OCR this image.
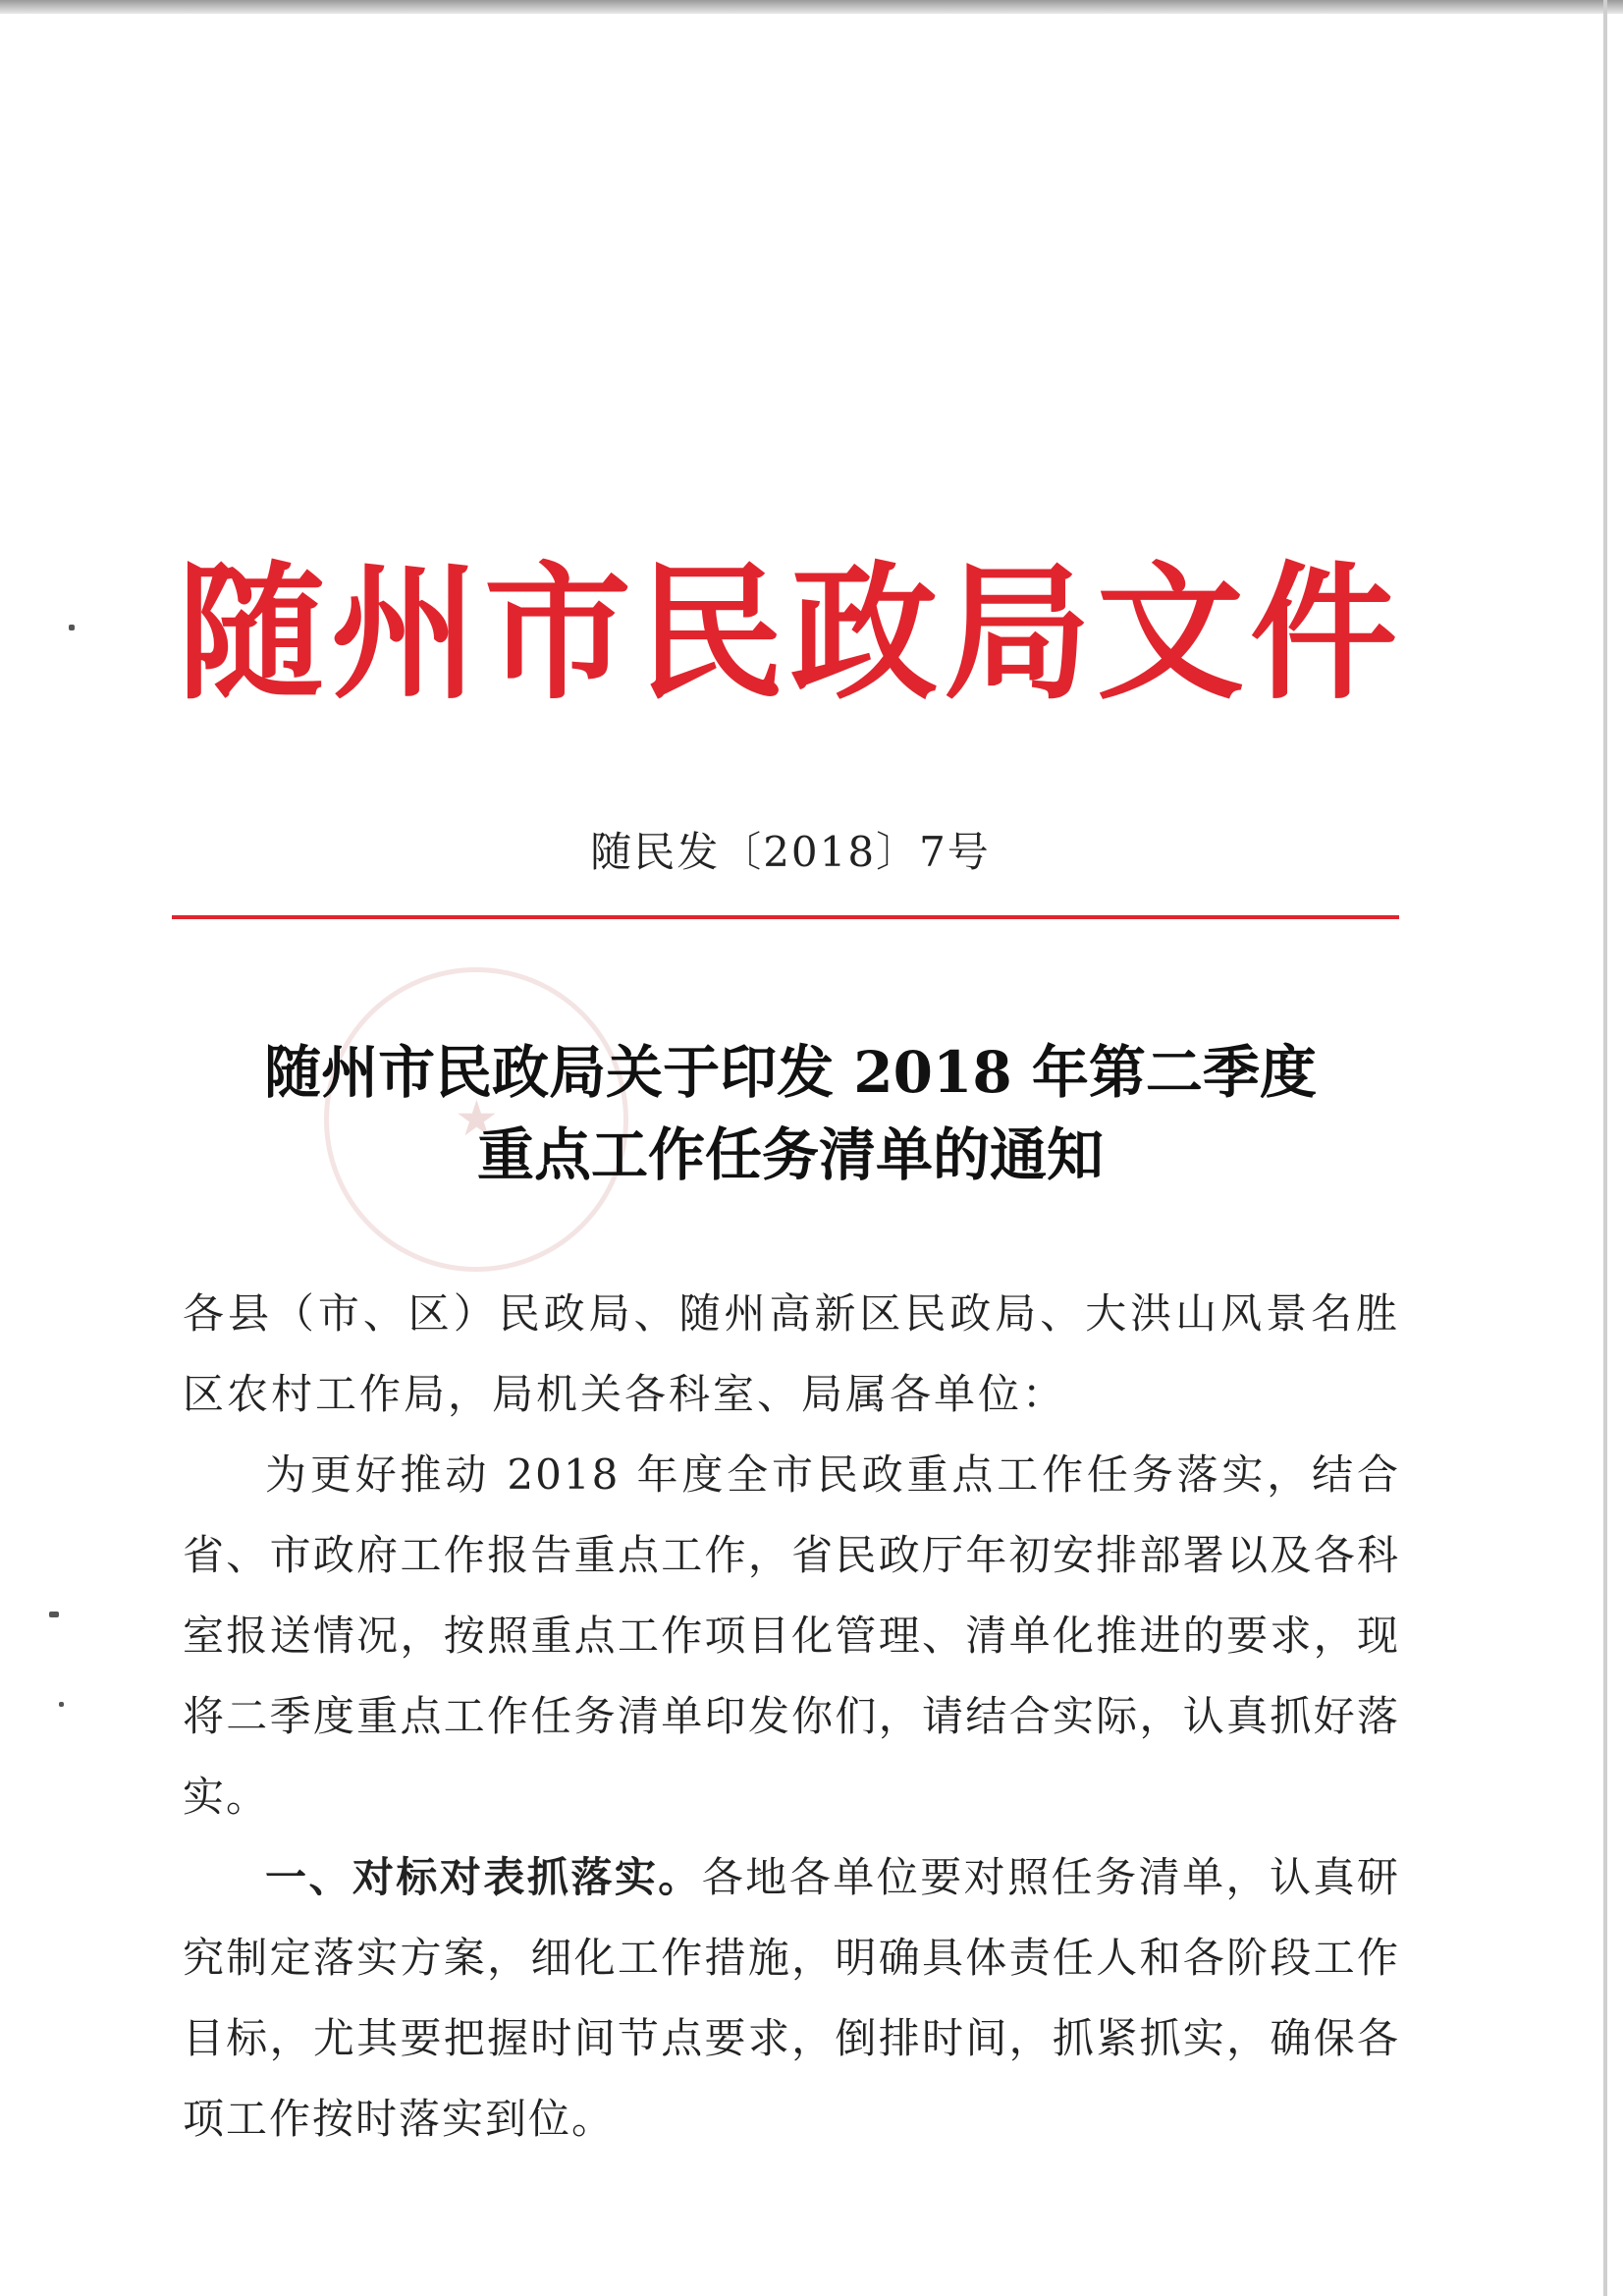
随州市民政局文件
随民发〔2018〕7号
★
随州市民政局关于印发 2018 年第二季度
重点工作任务清单的通知

各县（市、区）民政局、随州高新区民政局、大洪山风景名胜区农村工作局，局机关各科室、局属各单位：

为更好推动 2018 年度全市民政重点工作任务落实，结合省、市政府工作报告重点工作，省民政厅年初安排部署以及各科室报送情况，按照重点工作项目化管理、清单化推进的要求，现将二季度重点工作任务清单印发你们，请结合实际，认真抓好落实。

一、对标对表抓落实。各地各单位要对照任务清单，认真研究制定落实方案，细化工作措施，明确具体责任人和各阶段工作目标，尤其要把握时间节点要求，倒排时间，抓紧抓实，确保各项工作按时落实到位。
